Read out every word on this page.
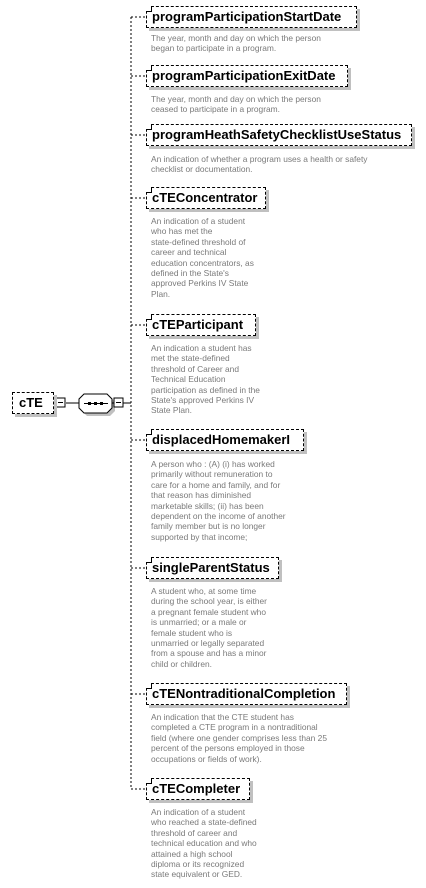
cTE
programParticipationStartDate
The year, month and day on which the person
began to participate in a program.
programParticipationExitDate
The year, month and day on which the person
ceased to participate in a program.
programHeathSafetyChecklistUseStatus
An indication of whether a program uses a health or safety
checklist or documentation.
cTEConcentrator
An indication of a student
who has met the
state-defined threshold of
career and technical
education concentrators, as
defined in the State's
approved Perkins IV State
Plan.
cTEParticipant
An indication a student has
met the state-defined
threshold of Career and
Technical Education
participation as defined in the
State's approved Perkins IV
State Plan.
displacedHomemakerI
A person who : (A) (i) has worked
primarily without remuneration to
care for a home and family, and for
that reason has diminished
marketable skills; (ii) has been
dependent on the income of another
family member but is no longer
supported by that income;
singleParentStatus
A student who, at some time
during the school year, is either
a pregnant female student who
is unmarried; or a male or
female student who is
unmarried or legally separated
from a spouse and has a minor
child or children.
cTENontraditionalCompletion
An indication that the CTE student has
completed a CTE program in a nontraditional
field (where one gender comprises less than 25
percent of the persons employed in those
occupations or fields of work).
cTECompleter
An indication of a student
who reached a state-defined
threshold of career and
technical education and who
attained a high school
diploma or its recognized
state equivalent or GED.
